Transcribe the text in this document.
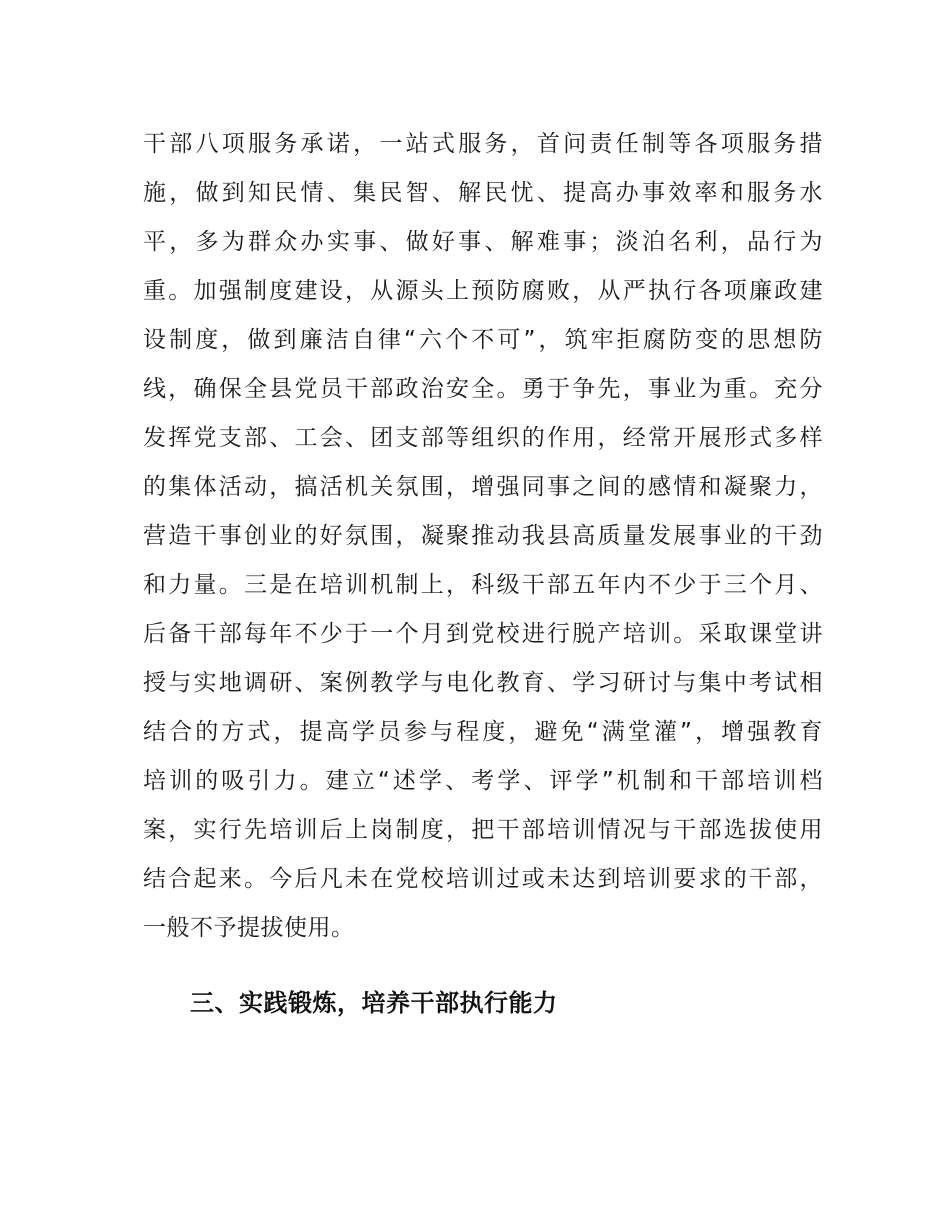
干部八项服务承诺，一站式服务，首问责任制等各项服务措
施，做到知民情、集民智、解民忧、提高办事效率和服务水
平，多为群众办实事、做好事、解难事；淡泊名利，品行为
重。加强制度建设，从源头上预防腐败，从严执行各项廉政建
设制度，做到廉洁自律“六个不可”，筑牢拒腐防变的思想防
线，确保全县党员干部政治安全。勇于争先，事业为重。充分
发挥党支部、工会、团支部等组织的作用，经常开展形式多样
的集体活动，搞活机关氛围，增强同事之间的感情和凝聚力，
营造干事创业的好氛围，凝聚推动我县高质量发展事业的干劲
和力量。三是在培训机制上，科级干部五年内不少于三个月、
后备干部每年不少于一个月到党校进行脱产培训。采取课堂讲
授与实地调研、案例教学与电化教育、学习研讨与集中考试相
结合的方式，提高学员参与程度，避免“满堂灌”，增强教育
培训的吸引力。建立“述学、考学、评学”机制和干部培训档
案，实行先培训后上岗制度，把干部培训情况与干部选拔使用
结合起来。今后凡未在党校培训过或未达到培训要求的干部，
一般不予提拔使用。
三、实践锻炼，培养干部执行能力
